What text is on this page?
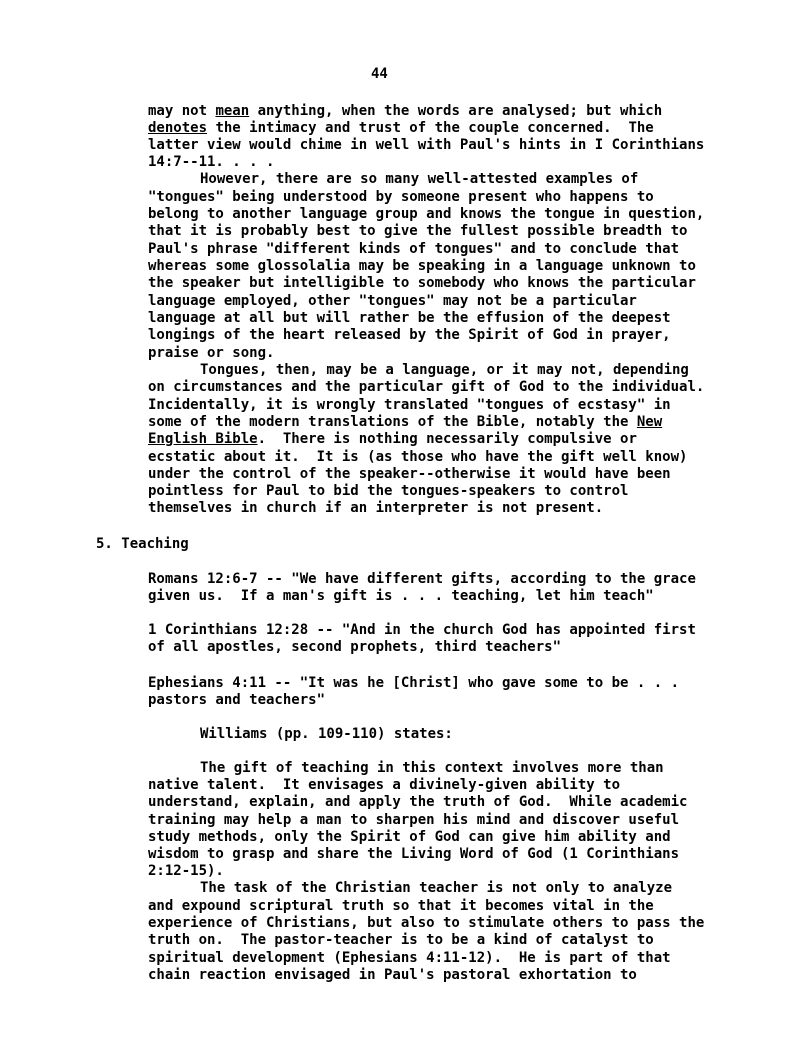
44
may not mean anything, when the words are analysed; but which
denotes the intimacy and trust of the couple concerned.  The
latter view would chime in well with Paul's hints in I Corinthians
14:7--11. . . .
However, there are so many well-attested examples of
"tongues" being understood by someone present who happens to
belong to another language group and knows the tongue in question,
that it is probably best to give the fullest possible breadth to
Paul's phrase "different kinds of tongues" and to conclude that
whereas some glossolalia may be speaking in a language unknown to
the speaker but intelligible to somebody who knows the particular
language employed, other "tongues" may not be a particular
language at all but will rather be the effusion of the deepest
longings of the heart released by the Spirit of God in prayer,
praise or song.
Tongues, then, may be a language, or it may not, depending
on circumstances and the particular gift of God to the individual.
Incidentally, it is wrongly translated "tongues of ecstasy" in
some of the modern translations of the Bible, notably the New
English Bible.  There is nothing necessarily compulsive or
ecstatic about it.  It is (as those who have the gift well know)
under the control of the speaker--otherwise it would have been
pointless for Paul to bid the tongues-speakers to control
themselves in church if an interpreter is not present.
5. Teaching
Romans 12:6-7 -- "We have different gifts, according to the grace
given us.  If a man's gift is . . . teaching, let him teach"
1 Corinthians 12:28 -- "And in the church God has appointed first
of all apostles, second prophets, third teachers"
Ephesians 4:11 -- "It was he [Christ] who gave some to be . . .
pastors and teachers"
Williams (pp. 109-110) states:
The gift of teaching in this context involves more than
native talent.  It envisages a divinely-given ability to
understand, explain, and apply the truth of God.  While academic
training may help a man to sharpen his mind and discover useful
study methods, only the Spirit of God can give him ability and
wisdom to grasp and share the Living Word of God (1 Corinthians
2:12-15).
The task of the Christian teacher is not only to analyze
and expound scriptural truth so that it becomes vital in the
experience of Christians, but also to stimulate others to pass the
truth on.  The pastor-teacher is to be a kind of catalyst to
spiritual development (Ephesians 4:11-12).  He is part of that
chain reaction envisaged in Paul's pastoral exhortation to
